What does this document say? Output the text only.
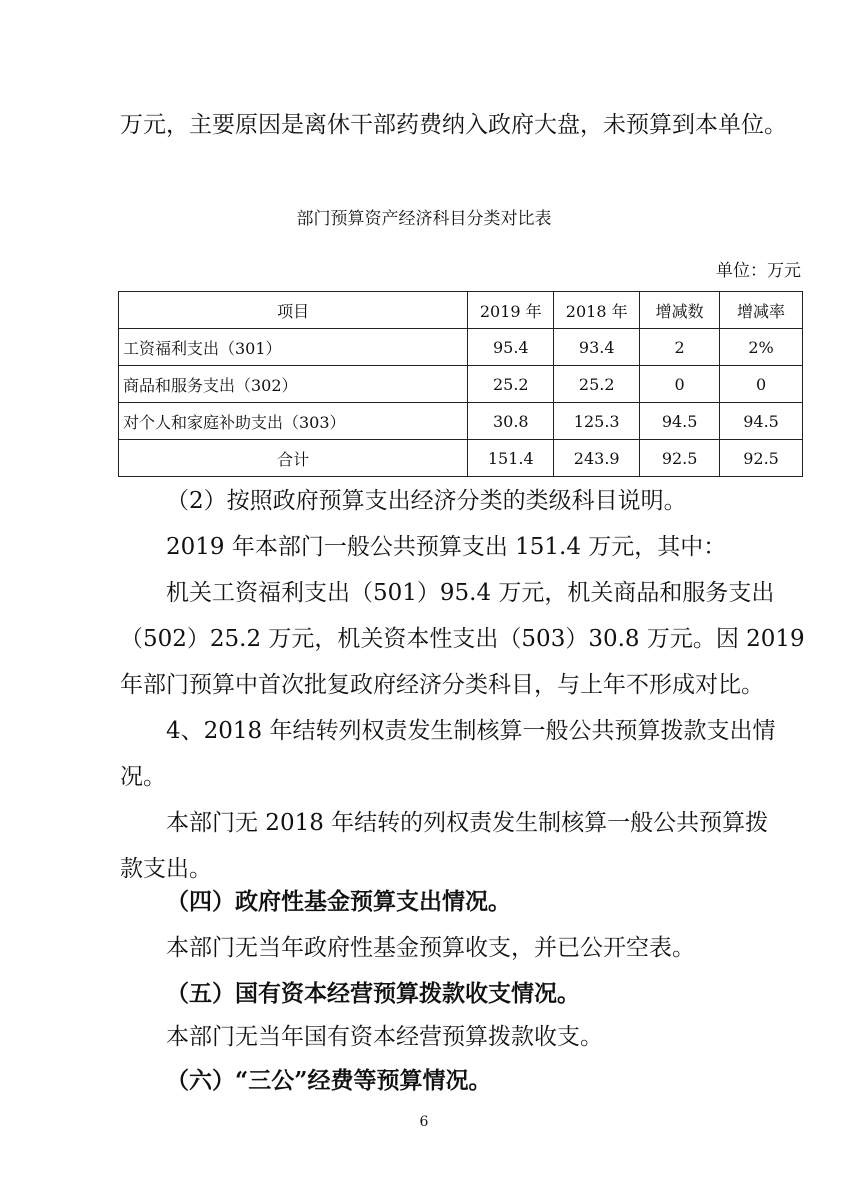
万元，主要原因是离休干部药费纳入政府大盘，未预算到本单位。
部门预算资产经济科目分类对比表
单位：万元
项目	2019 年	2018 年	增减数	增减率
工资福利支出（301）	95.4	93.4	2	2%
商品和服务支出（302）	25.2	25.2	0	0
对个人和家庭补助支出（303）	30.8	125.3	94.5	94.5
合计	151.4	243.9	92.5	92.5
（2）按照政府预算支出经济分类的类级科目说明。
2019 年本部门一般公共预算支出 151.4 万元，其中：
机关工资福利支出（501）95.4 万元，机关商品和服务支出
（502）25.2 万元，机关资本性支出（503）30.8 万元。因 2019
年部门预算中首次批复政府经济分类科目，与上年不形成对比。
4、2018 年结转列权责发生制核算一般公共预算拨款支出情
况。
本部门无 2018 年结转的列权责发生制核算一般公共预算拨
款支出。
（四）政府性基金预算支出情况。
本部门无当年政府性基金预算收支，并已公开空表。
（五）国有资本经营预算拨款收支情况。
本部门无当年国有资本经营预算拨款收支。
（六）“三公”经费等预算情况。
6
